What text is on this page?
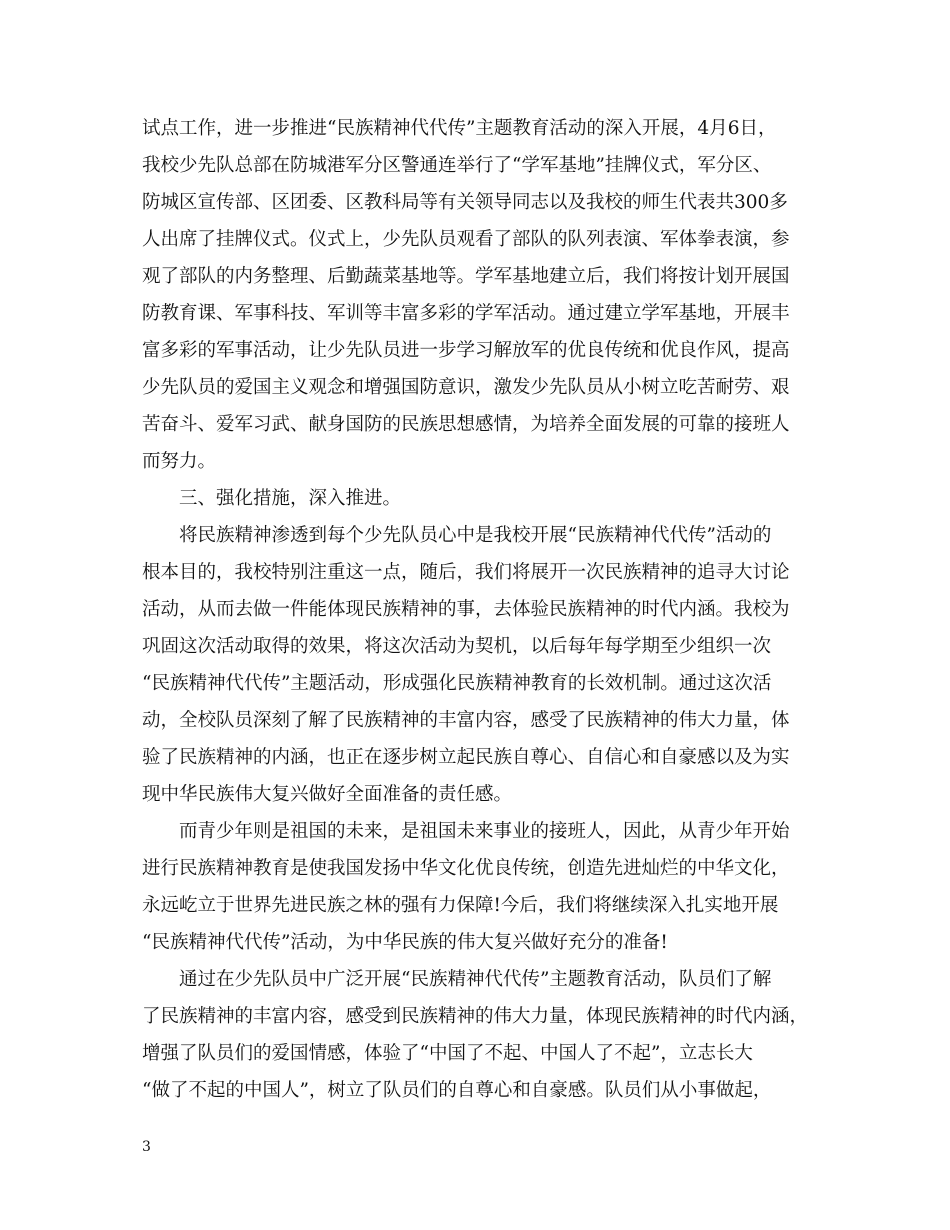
试点工作，进一步推进“民族精神代代传”主题教育活动的深入开展，4月6日，
我校少先队总部在防城港军分区警通连举行了“学军基地”挂牌仪式，军分区、
防城区宣传部、区团委、区教科局等有关领导同志以及我校的师生代表共300多
人出席了挂牌仪式。仪式上，少先队员观看了部队的队列表演、军体拳表演，参
观了部队的内务整理、后勤蔬菜基地等。学军基地建立后，我们将按计划开展国
防教育课、军事科技、军训等丰富多彩的学军活动。通过建立学军基地，开展丰
富多彩的军事活动，让少先队员进一步学习解放军的优良传统和优良作风，提高
少先队员的爱国主义观念和增强国防意识，激发少先队员从小树立吃苦耐劳、艰
苦奋斗、爱军习武、献身国防的民族思想感情，为培养全面发展的可靠的接班人
而努力。
三、强化措施，深入推进。
将民族精神渗透到每个少先队员心中是我校开展“民族精神代代传”活动的
根本目的，我校特别注重这一点，随后，我们将展开一次民族精神的追寻大讨论
活动，从而去做一件能体现民族精神的事，去体验民族精神的时代内涵。我校为
巩固这次活动取得的效果，将这次活动为契机，以后每年每学期至少组织一次
“民族精神代代传”主题活动，形成强化民族精神教育的长效机制。通过这次活
动，全校队员深刻了解了民族精神的丰富内容，感受了民族精神的伟大力量，体
验了民族精神的内涵，也正在逐步树立起民族自尊心、自信心和自豪感以及为实
现中华民族伟大复兴做好全面准备的责任感。
而青少年则是祖国的未来，是祖国未来事业的接班人，因此，从青少年开始
进行民族精神教育是使我国发扬中华文化优良传统，创造先进灿烂的中华文化，
永远屹立于世界先进民族之林的强有力保障!今后，我们将继续深入扎实地开展
“民族精神代代传”活动，为中华民族的伟大复兴做好充分的准备!
通过在少先队员中广泛开展“民族精神代代传”主题教育活动，队员们了解
了民族精神的丰富内容，感受到民族精神的伟大力量，体现民族精神的时代内涵，
增强了队员们的爱国情感，体验了“中国了不起、中国人了不起”，立志长大
“做了不起的中国人”，树立了队员们的自尊心和自豪感。队员们从小事做起，
3
